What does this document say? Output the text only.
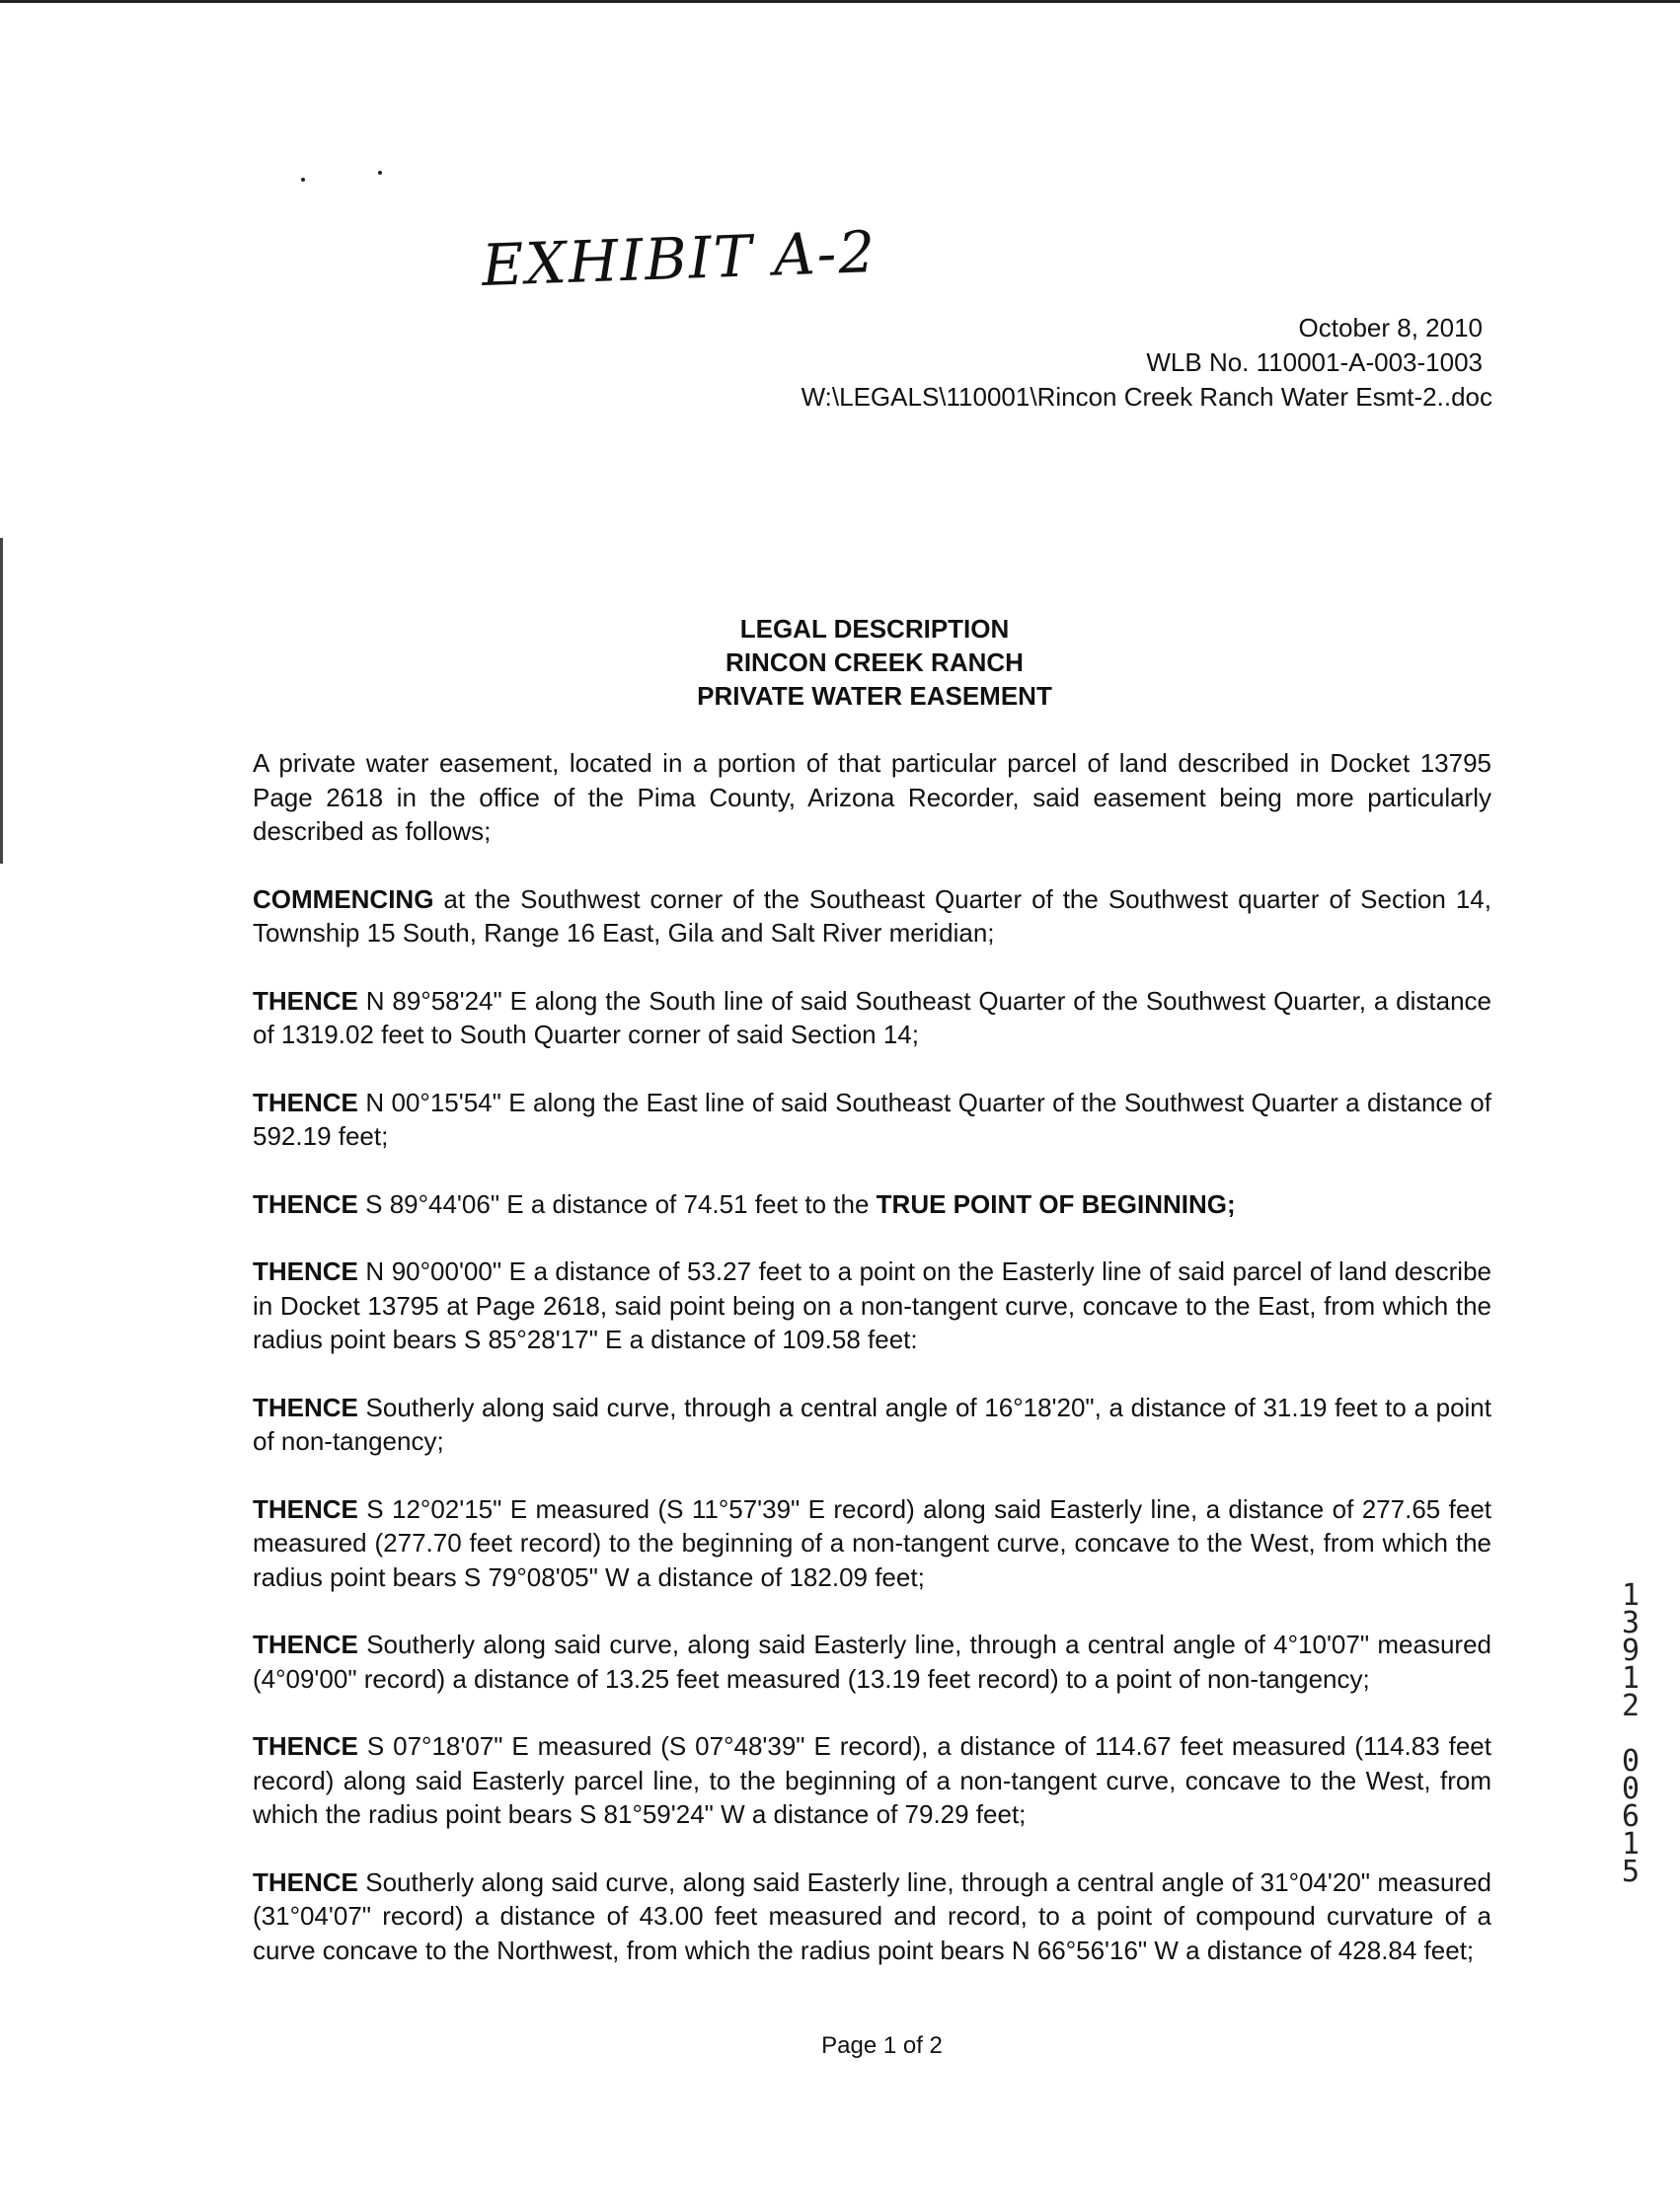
EXHIBIT A-2
October 8, 2010
WLB No. 110001-A-003-1003
W:\LEGALS\110001\Rincon Creek Ranch Water Esmt-2..doc
LEGAL DESCRIPTION
RINCON CREEK RANCH
PRIVATE WATER EASEMENT

A private water easement, located in a portion of that particular parcel of land described in Docket 13795 Page 2618 in the office of the Pima County, Arizona Recorder, said easement being more particularly described as follows;

COMMENCING at the Southwest corner of the Southeast Quarter of the Southwest quarter of Section 14, Township 15 South, Range 16 East, Gila and Salt River meridian;

THENCE N 89°58'24" E along the South line of said Southeast Quarter of the Southwest Quarter, a distance of 1319.02 feet to South Quarter corner of said Section 14;

THENCE N 00°15'54" E along the East line of said Southeast Quarter of the Southwest Quarter a distance of 592.19 feet;

THENCE S 89°44'06" E a distance of 74.51 feet to the TRUE POINT OF BEGINNING;

THENCE N 90°00'00" E a distance of 53.27 feet to a point on the Easterly line of said parcel of land describe in Docket 13795 at Page 2618, said point being on a non-tangent curve, concave to the East, from which the radius point bears S 85°28'17" E a distance of 109.58 feet:

THENCE Southerly along said curve, through a central angle of 16°18'20", a distance of 31.19 feet to a point of non-tangency;

THENCE S 12°02'15" E measured (S 11°57'39" E record) along said Easterly line, a distance of 277.65 feet measured (277.70 feet record) to the beginning of a non-tangent curve, concave to the West, from which the radius point bears S 79°08'05" W a distance of 182.09 feet;

THENCE Southerly along said curve, along said Easterly line, through a central angle of 4°10'07" measured (4°09'00" record) a distance of 13.25 feet measured (13.19 feet record) to a point of non-tangency;

THENCE S 07°18'07" E measured (S 07°48'39" E record), a distance of 114.67 feet measured (114.83 feet record) along said Easterly parcel line, to the beginning of a non-tangent curve, concave to the West, from which the radius point bears S 81°59'24" W a distance of 79.29 feet;

THENCE Southerly along said curve, along said Easterly line, through a central angle of 31°04'20" measured (31°04'07" record) a distance of 43.00 feet measured and record, to a point of compound curvature of a curve concave to the Northwest, from which the radius point bears N 66°56'16" W a distance of 428.84 feet;

1
3
9
1
2
0
0
6
1
5
Page 1 of 2
